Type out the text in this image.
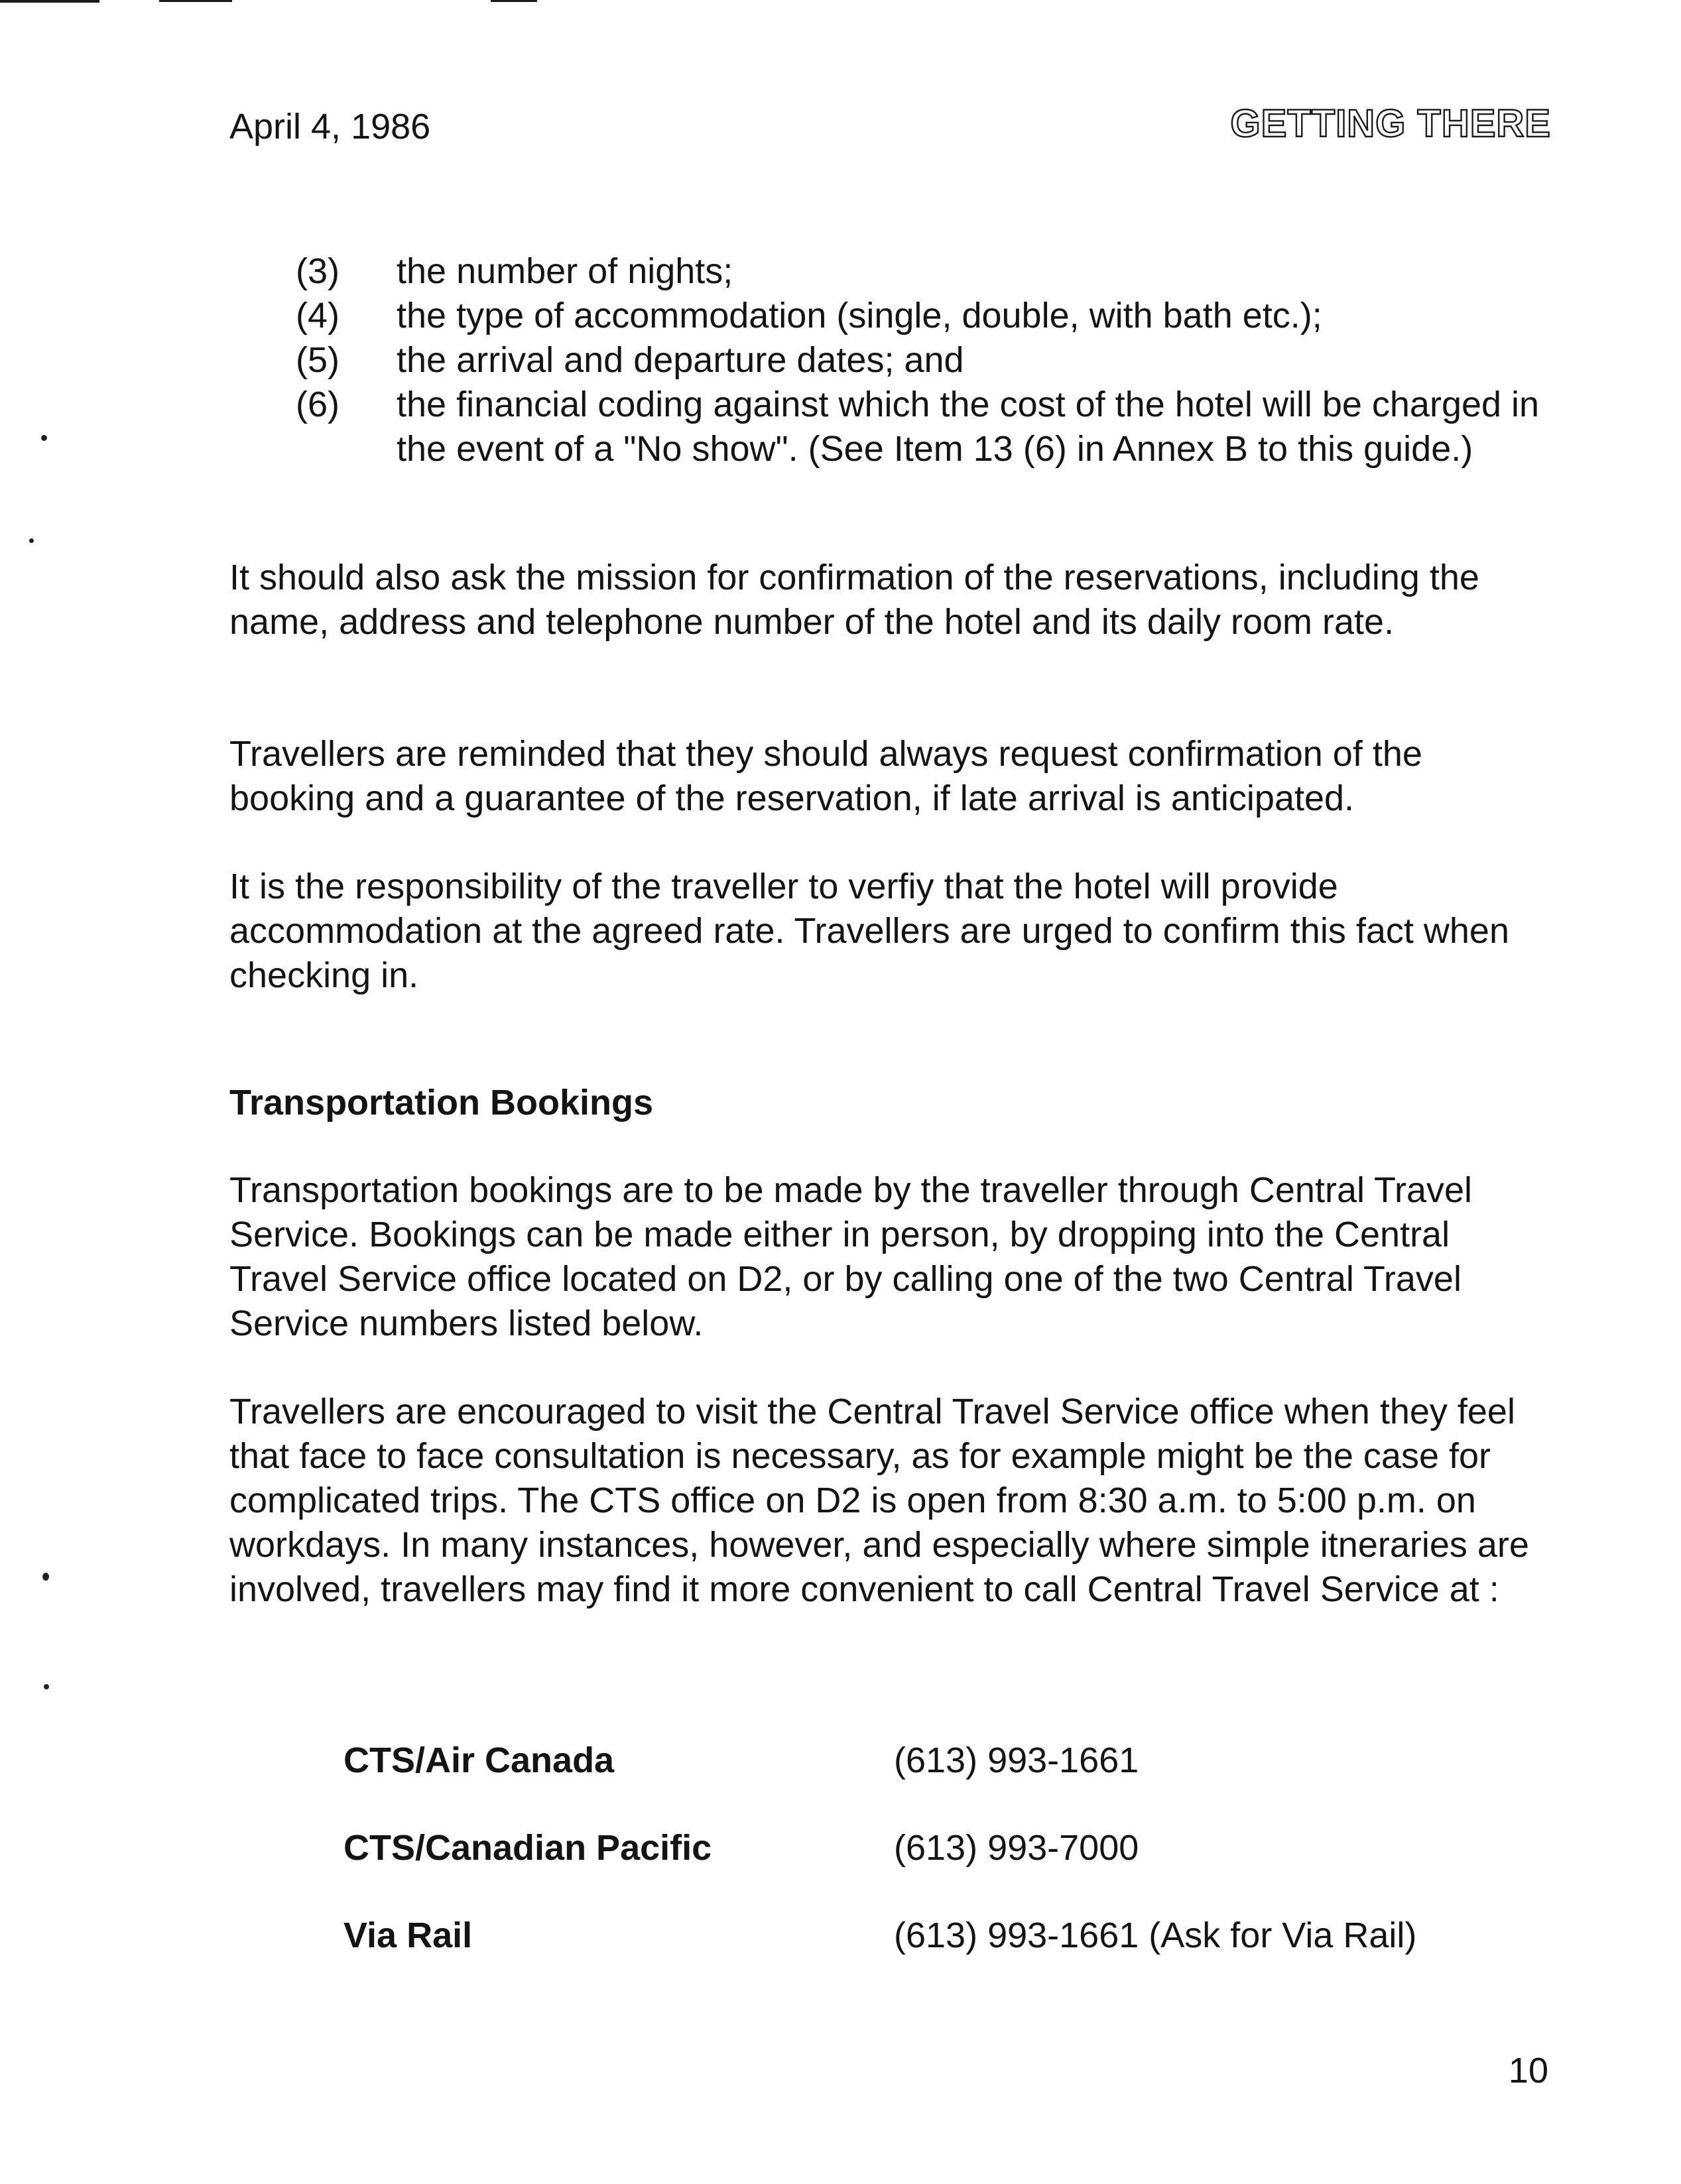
April 4, 1986	GETTING THERE
(3)	the number of nights;
(4)	the type of accommodation (single, double, with bath etc.);
(5)	the arrival and departure dates; and
(6)	the financial coding against which the cost of the hotel will be charged in the event of a "No show". (See Item 13 (6) in Annex B to this guide.)

It should also ask the mission for confirmation of the reservations, including the name, address and telephone number of the hotel and its daily room rate.

Travellers are reminded that they should always request confirmation of the booking and a guarantee of the reservation, if late arrival is anticipated.

It is the responsibility of the traveller to verfiy that the hotel will provide accommodation at the agreed rate. Travellers are urged to confirm this fact when checking in.

Transportation Bookings

Transportation bookings are to be made by the traveller through Central Travel Service. Bookings can be made either in person, by dropping into the Central Travel Service office located on D2, or by calling one of the two Central Travel Service numbers listed below.

Travellers are encouraged to visit the Central Travel Service office when they feel that face to face consultation is necessary, as for example might be the case for complicated trips. The CTS office on D2 is open from 8:30 a.m. to 5:00 p.m. on workdays. In many instances, however, and especially where simple itneraries are involved, travellers may find it more convenient to call Central Travel Service at :

CTS/Air Canada	(613) 993-1661
CTS/Canadian Pacific	(613) 993-7000
Via Rail	(613) 993-1661 (Ask for Via Rail)
10
